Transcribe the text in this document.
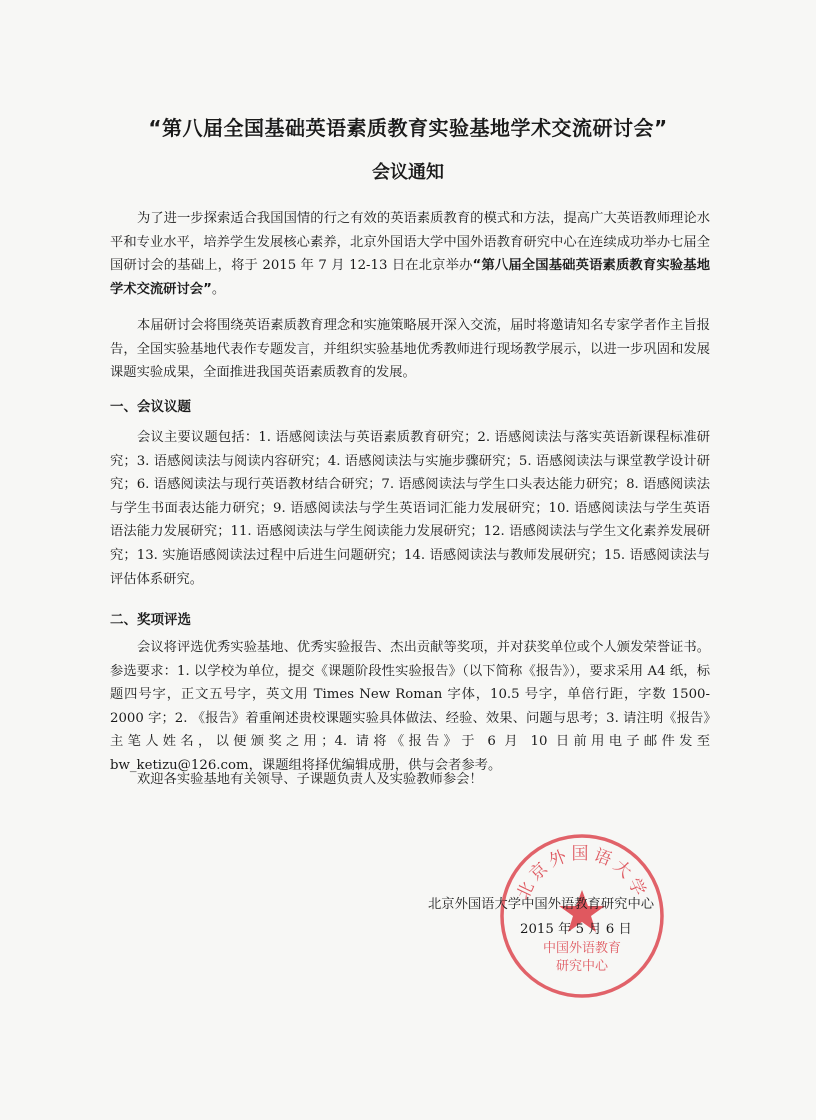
“第八届全国基础英语素质教育实验基地学术交流研讨会”
会议通知
为了进一步探索适合我国国情的行之有效的英语素质教育的模式和方法，提高广大英语教师理论水平和专业水平，培养学生发展核心素养，北京外国语大学中国外语教育研究中心在连续成功举办七届全国研讨会的基础上，将于 2015 年 7 月 12-13 日在北京举办“第八届全国基础英语素质教育实验基地学术交流研讨会”。
本届研讨会将围绕英语素质教育理念和实施策略展开深入交流，届时将邀请知名专家学者作主旨报告，全国实验基地代表作专题发言，并组织实验基地优秀教师进行现场教学展示，以进一步巩固和发展课题实验成果，全面推进我国英语素质教育的发展。
一、会议议题
会议主要议题包括：1. 语感阅读法与英语素质教育研究；2. 语感阅读法与落实英语新课程标准研究；3. 语感阅读法与阅读内容研究；4. 语感阅读法与实施步骤研究；5. 语感阅读法与课堂教学设计研究；6. 语感阅读法与现行英语教材结合研究；7. 语感阅读法与学生口头表达能力研究；8. 语感阅读法与学生书面表达能力研究；9. 语感阅读法与学生英语词汇能力发展研究；10. 语感阅读法与学生英语语法能力发展研究；11. 语感阅读法与学生阅读能力发展研究；12. 语感阅读法与学生文化素养发展研究；13. 实施语感阅读法过程中后进生问题研究；14. 语感阅读法与教师发展研究；15. 语感阅读法与评估体系研究。
二、奖项评选
会议将评选优秀实验基地、优秀实验报告、杰出贡献等奖项，并对获奖单位或个人颁发荣誉证书。参选要求：1. 以学校为单位，提交《课题阶段性实验报告》（以下简称《报告》），要求采用 A4 纸，标题四号字，正文五号字，英文用 Times New Roman 字体，10.5 号字，单倍行距，字数 1500-2000 字；2. 《报告》着重阐述贵校课题实验具体做法、经验、效果、问题与思考；3. 请注明《报告》主笔人姓名，以便颁奖之用；4. 请将《报告》于 6 月 10 日前用电子邮件发至 bw_ketizu@126.com，课题组将择优编辑成册，供与会者参考。
欢迎各实验基地有关领导、子课题负责人及实验教师参会！
北京外国语大学
中国外语教育
研究中心
北京外国语大学中国外语教育研究中心
2015 年 5 月 6 日
